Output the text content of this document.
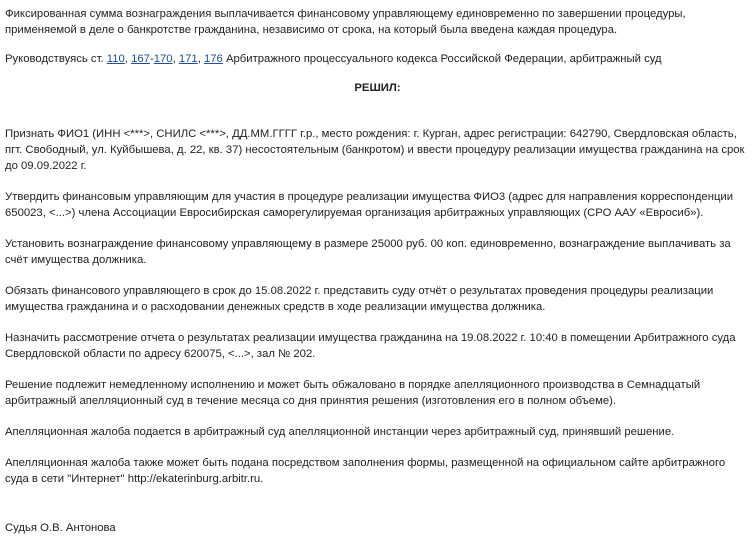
Фиксированная сумма вознаграждения выплачивается финансовому управляющему единовременно по завершении процедуры, применяемой в деле о банкротстве гражданина, независимо от срока, на который была введена каждая процедура.

Руководствуясь ст. 110, 167-170, 171, 176 Арбитражного процессуального кодекса Российской Федерации, арбитражный суд

РЕШИЛ:

Признать ФИО1 (ИНН <***>, СНИЛС <***>, ДД.ММ.ГГГГ г.р., место рождения: г. Курган, адрес регистрации: 642790, Свердловская область, пгт. Свободный, ул. Куйбышева, д. 22, кв. 37) несостоятельным (банкротом) и ввести процедуру реализации имущества гражданина на срок до 09.09.2022 г.

Утвердить финансовым управляющим для участия в процедуре реализации имущества ФИО3 (адрес для направления корреспонденции 650023, <...>) члена Ассоциации Евросибирская саморегулируемая организация арбитражных управляющих (СРО ААУ «Евросиб»).

Установить вознаграждение финансовому управляющему в размере 25000 руб. 00 коп. единовременно, вознаграждение выплачивать за счёт имущества должника.

Обязать финансового управляющего в срок до 15.08.2022 г. представить суду отчёт о результатах проведения процедуры реализации имущества гражданина и о расходовании денежных средств в ходе реализации имущества должника.

Назначить рассмотрение отчета о результатах реализации имущества гражданина на 19.08.2022 г. 10:40 в помещении Арбитражного суда Свердловской области по адресу 620075, <...>, зал № 202.

Решение подлежит немедленному исполнению и может быть обжаловано в порядке апелляционного производства в Семнадцатый арбитражный апелляционный суд в течение месяца со дня принятия решения (изготовления его в полном объеме).

Апелляционная жалоба подается в арбитражный суд апелляционной инстанции через арбитражный суд, принявший решение.

Апелляционная жалоба также может быть подана посредством заполнения формы, размещенной на официальном сайте арбитражного суда в сети "Интернет" http://ekaterinburg.arbitr.ru.

Судья О.В. Антонова
